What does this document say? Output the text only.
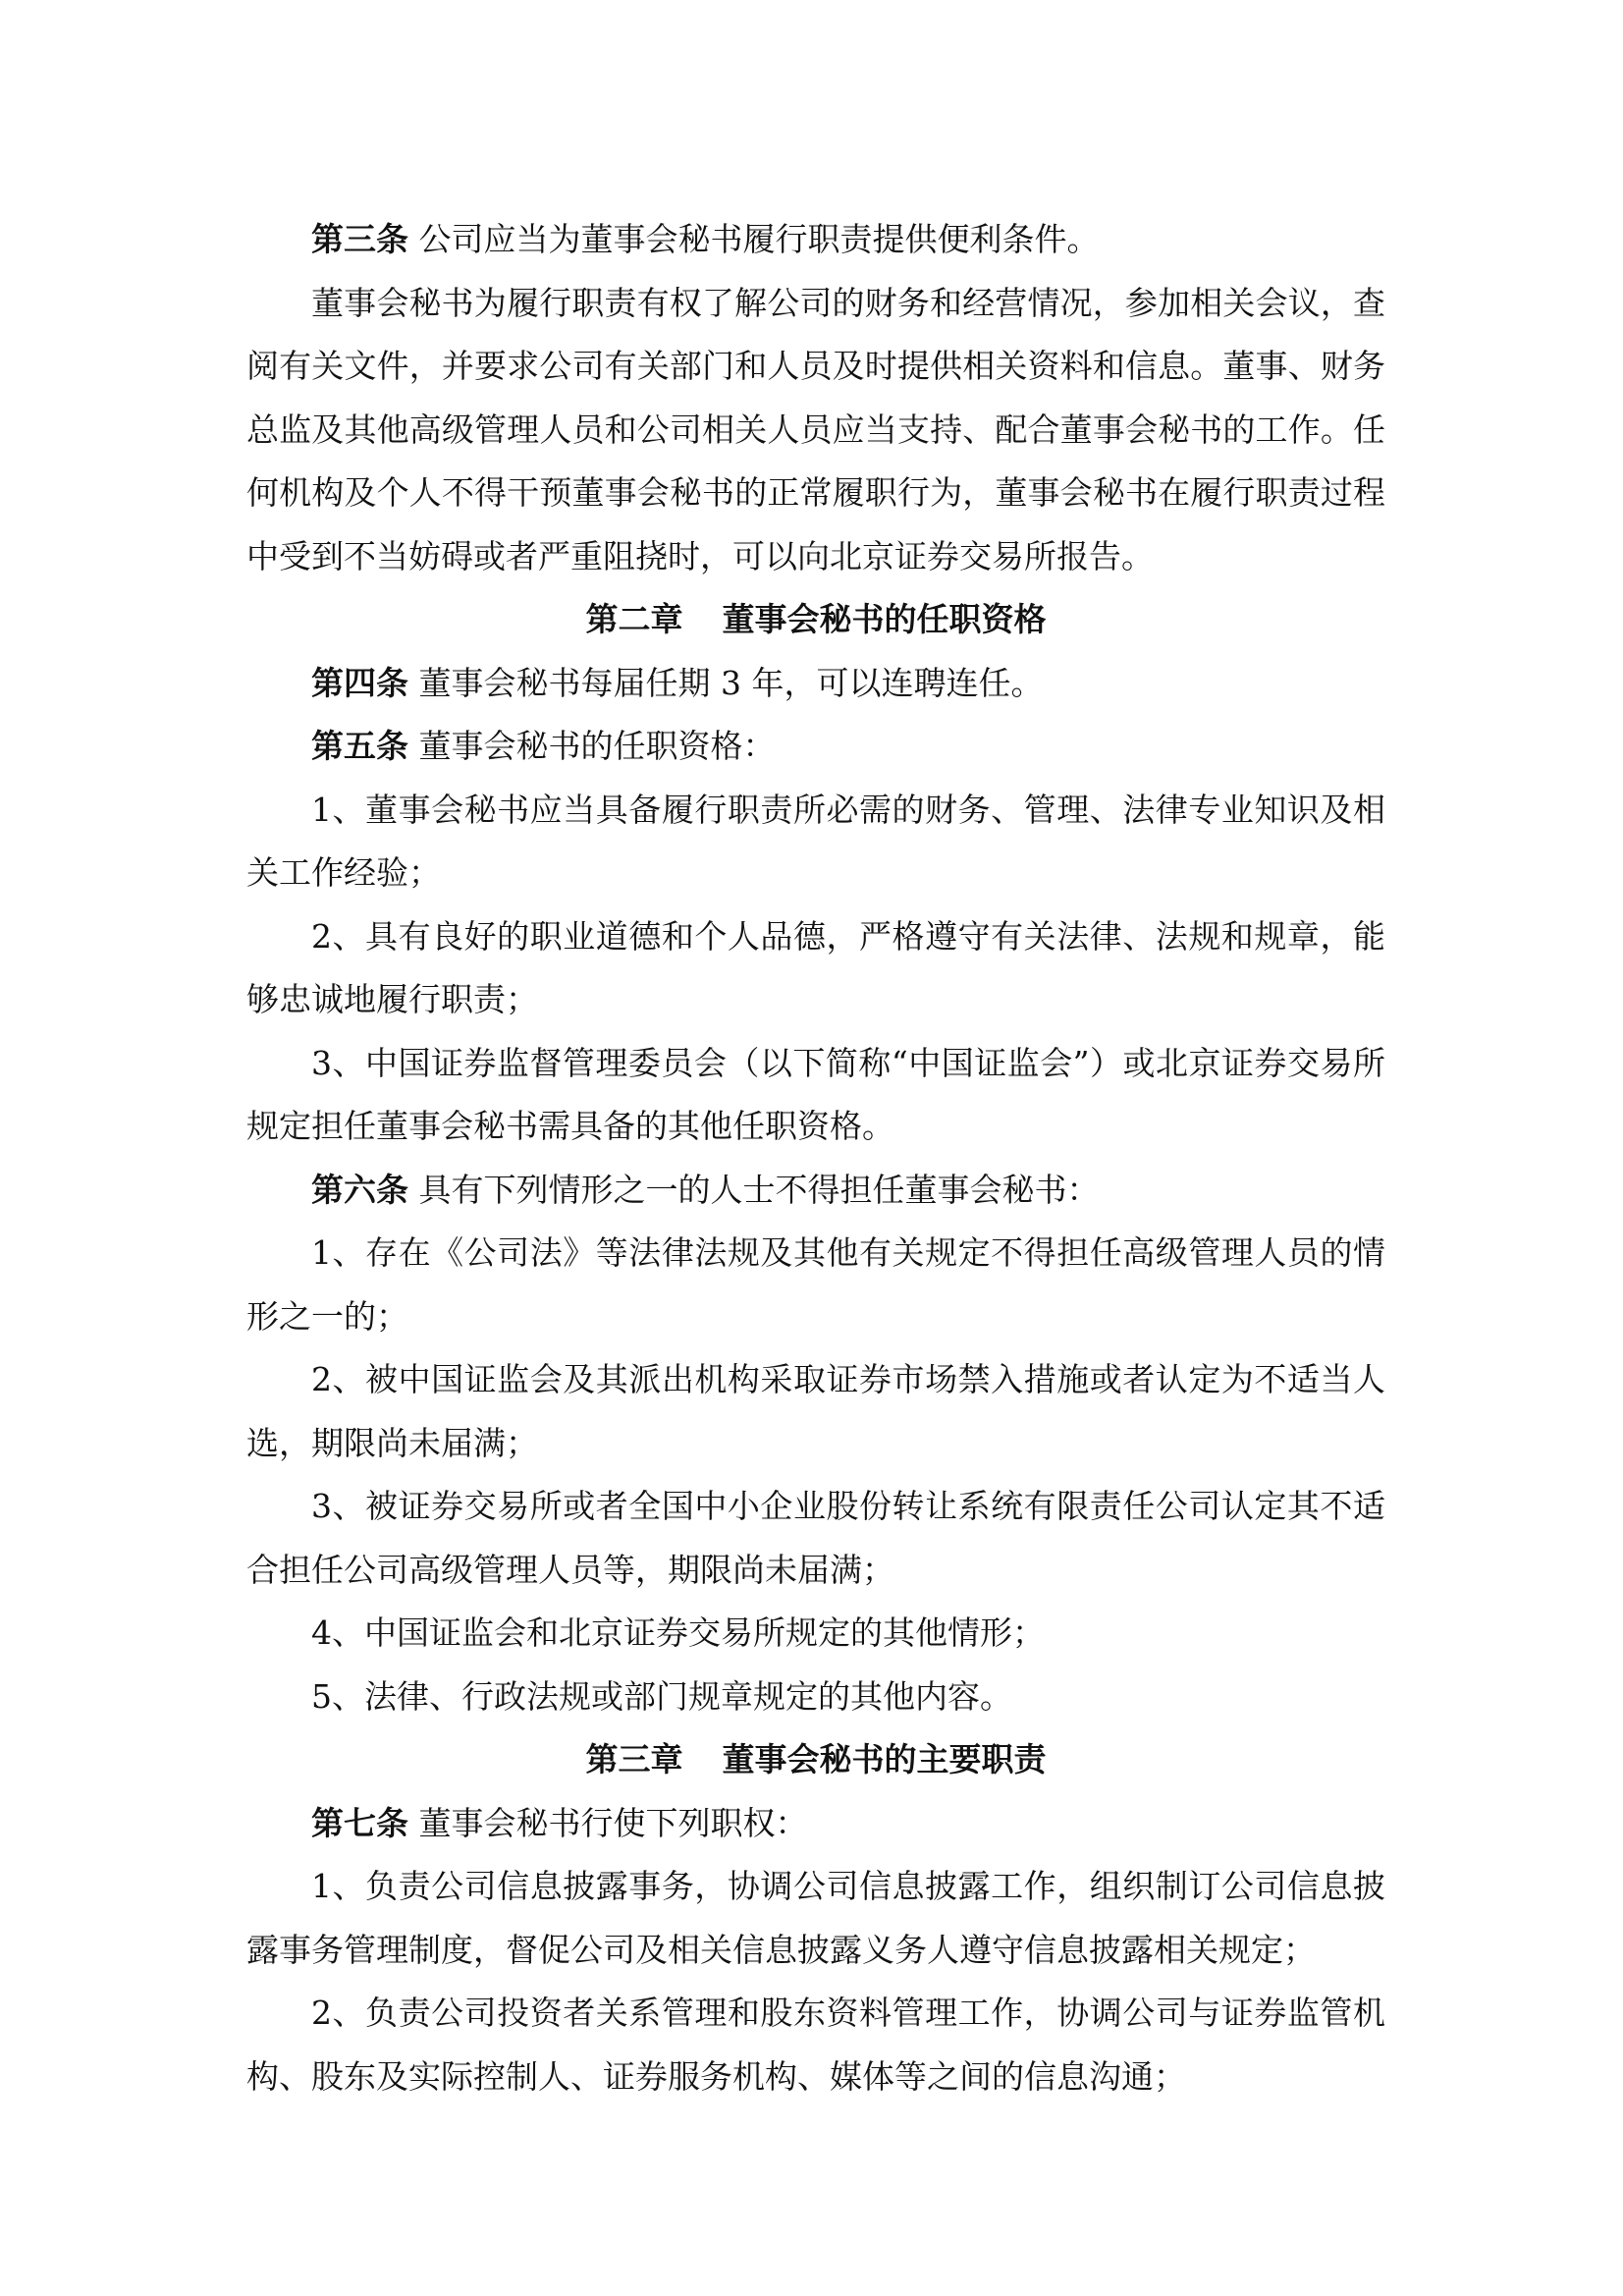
第三条 公司应当为董事会秘书履行职责提供便利条件。

董事会秘书为履行职责有权了解公司的财务和经营情况，参加相关会议，查阅有关文件，并要求公司有关部门和人员及时提供相关资料和信息。董事、财务总监及其他高级管理人员和公司相关人员应当支持、配合董事会秘书的工作。任何机构及个人不得干预董事会秘书的正常履职行为，董事会秘书在履行职责过程中受到不当妨碍或者严重阻挠时，可以向北京证券交易所报告。

第二章 董事会秘书的任职资格

第四条 董事会秘书每届任期 3 年，可以连聘连任。

第五条 董事会秘书的任职资格：

1、董事会秘书应当具备履行职责所必需的财务、管理、法律专业知识及相关工作经验；

2、具有良好的职业道德和个人品德，严格遵守有关法律、法规和规章，能够忠诚地履行职责；

3、中国证券监督管理委员会（以下简称“中国证监会”）或北京证券交易所规定担任董事会秘书需具备的其他任职资格。

第六条 具有下列情形之一的人士不得担任董事会秘书：

1、存在《公司法》等法律法规及其他有关规定不得担任高级管理人员的情形之一的；

2、被中国证监会及其派出机构采取证券市场禁入措施或者认定为不适当人选，期限尚未届满；

3、被证券交易所或者全国中小企业股份转让系统有限责任公司认定其不适合担任公司高级管理人员等，期限尚未届满；

4、中国证监会和北京证券交易所规定的其他情形；

5、法律、行政法规或部门规章规定的其他内容。

第三章 董事会秘书的主要职责

第七条 董事会秘书行使下列职权：

1、负责公司信息披露事务，协调公司信息披露工作，组织制订公司信息披露事务管理制度，督促公司及相关信息披露义务人遵守信息披露相关规定；

2、负责公司投资者关系管理和股东资料管理工作，协调公司与证券监管机构、股东及实际控制人、证券服务机构、媒体等之间的信息沟通；
